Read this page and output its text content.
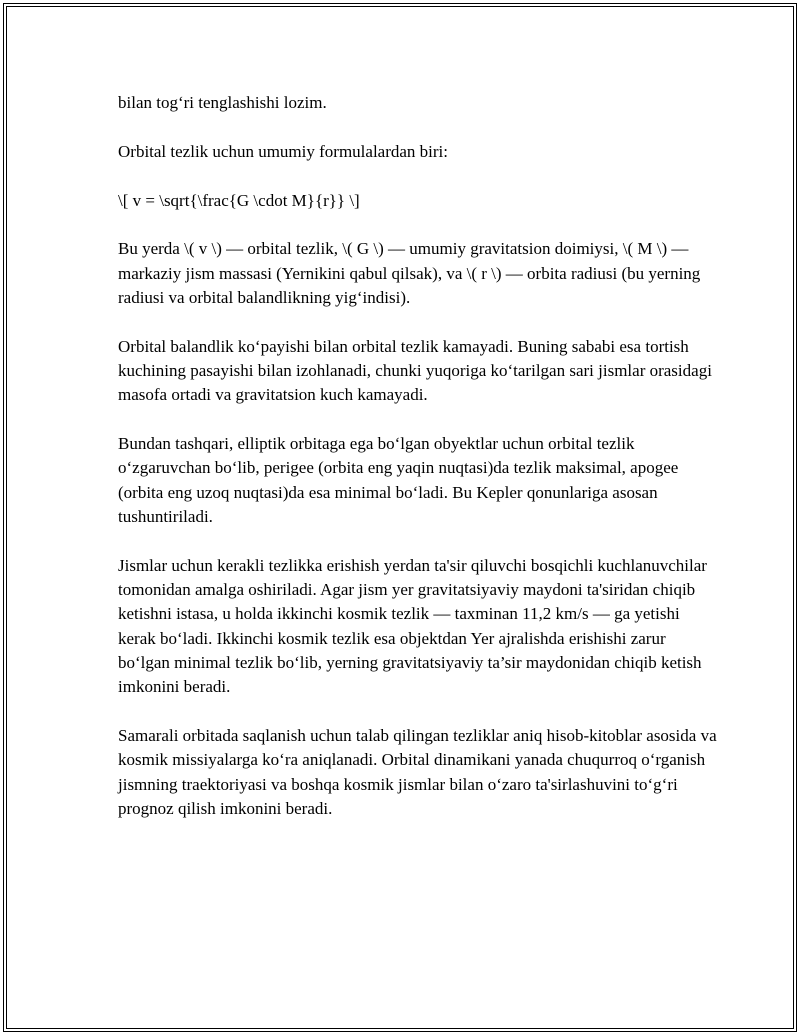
bilan tog‘ri tenglashishi lozim.

Orbital tezlik uchun umumiy formulalardan biri:

\[ v = \sqrt{\frac{G \cdot M}{r}} \]

Bu yerda \( v \) — orbital tezlik, \( G \) — umumiy gravitatsion doimiysi, \( M \) — markaziy jism massasi (Yernikini qabul qilsak), va \( r \) — orbita radiusi (bu yerning radiusi va orbital balandlikning yig‘indisi).

Orbital balandlik ko‘payishi bilan orbital tezlik kamayadi. Buning sababi esa tortish kuchining pasayishi bilan izohlanadi, chunki yuqoriga ko‘tarilgan sari jismlar orasidagi masofa ortadi va gravitatsion kuch kamayadi.

Bundan tashqari, elliptik orbitaga ega bo‘lgan obyektlar uchun orbital tezlik o‘zgaruvchan bo‘lib, perigee (orbita eng yaqin nuqtasi)da tezlik maksimal, apogee (orbita eng uzoq nuqtasi)da esa minimal bo‘ladi. Bu Kepler qonunlariga asosan tushuntiriladi.

Jismlar uchun kerakli tezlikka erishish yerdan ta'sir qiluvchi bosqichli kuchlanuvchilar tomonidan amalga oshiriladi. Agar jism yer gravitatsiyaviy maydoni ta'siridan chiqib ketishni istasa, u holda ikkinchi kosmik tezlik — taxminan 11,2 km/s — ga yetishi kerak bo‘ladi. Ikkinchi kosmik tezlik esa objektdan Yer ajralishda erishishi zarur bo‘lgan minimal tezlik bo‘lib, yerning gravitatsiyaviy ta’sir maydonidan chiqib ketish imkonini beradi.

Samarali orbitada saqlanish uchun talab qilingan tezliklar aniq hisob-kitoblar asosida va kosmik missiyalarga ko‘ra aniqlanadi. Orbital dinamikani yanada chuqurroq o‘rganish jismning traektoriyasi va boshqa kosmik jismlar bilan o‘zaro ta'sirlashuvini to‘g‘ri prognoz qilish imkonini beradi.
